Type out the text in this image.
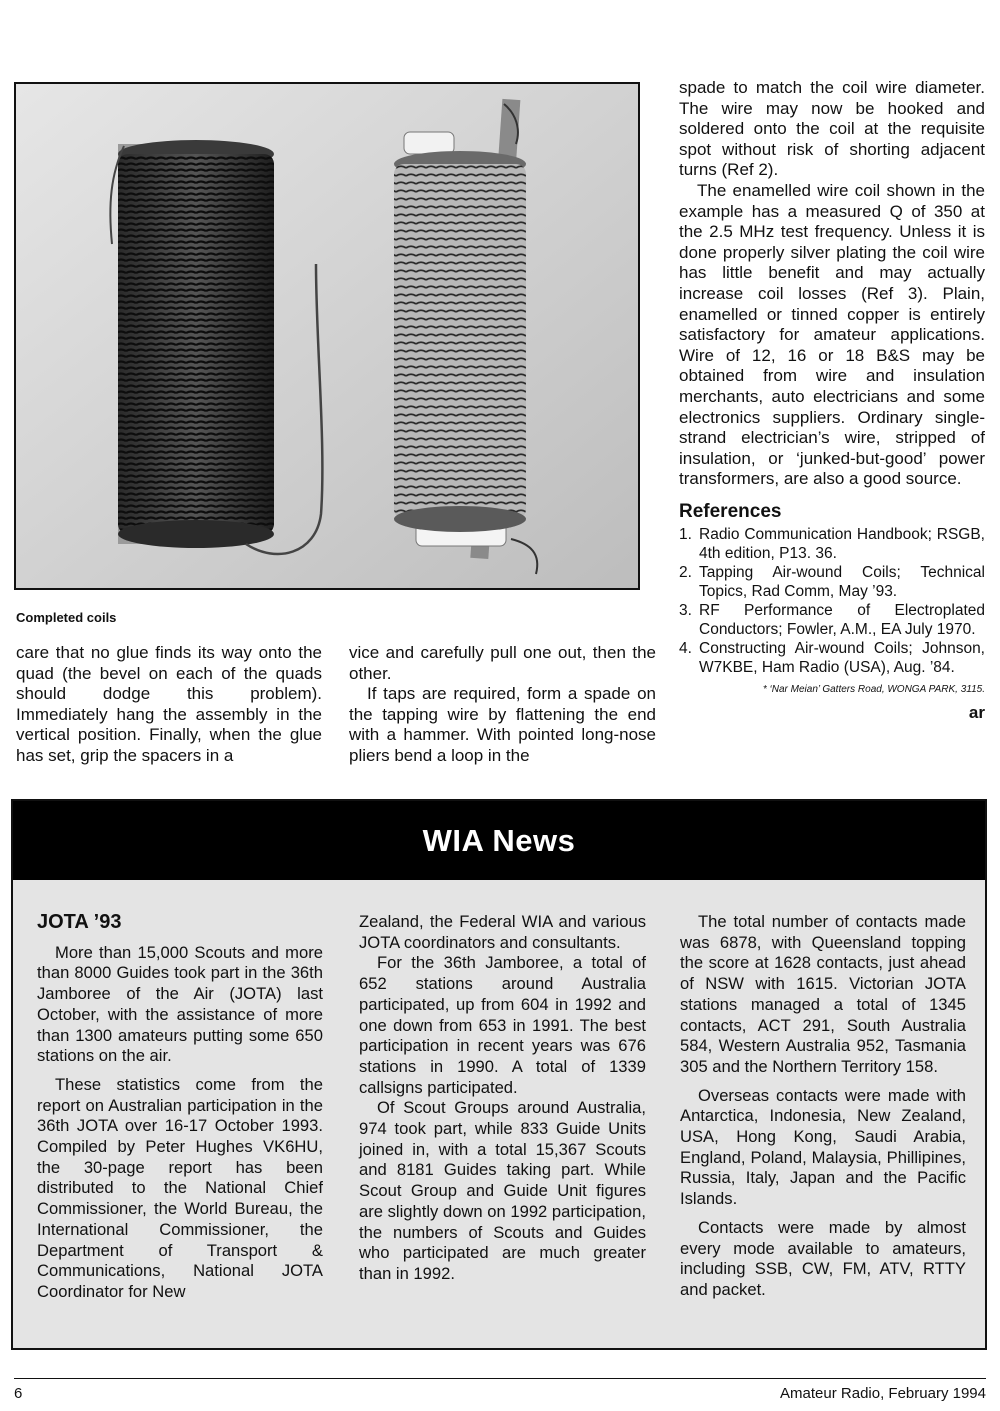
Completed coils

care that no glue finds its way onto the quad (the bevel on each of the quads should dodge this problem). Immediately hang the assembly in the vertical position. Finally, when the glue has set, grip the spacers in a

vice and carefully pull one out, then the other.

If taps are required, form a spade on the tapping wire by flattening the end with a hammer. With pointed long-nose pliers bend a loop in the

spade to match the coil wire diameter. The wire may now be hooked and soldered onto the coil at the requisite spot without risk of shorting adjacent turns (Ref 2).

The enamelled wire coil shown in the example has a measured Q of 350 at the 2.5 MHz test frequency. Unless it is done properly silver plating the coil wire has little benefit and may actually increase coil losses (Ref 3). Plain, enamelled or tinned copper is entirely satisfactory for amateur applications. Wire of 12, 16 or 18 B&S may be obtained from wire and insulation merchants, auto electricians and some electronics suppliers. Ordinary single-strand electrician’s wire, stripped of insulation, or ‘junked-but-good’ power transformers, are also a good source.

References
1. Radio Communication Handbook; RSGB, 4th edition, P13. 36.
2. Tapping Air-wound Coils; Technical Topics, Rad Comm, May ’93.
3. RF Performance of Electroplated Conductors; Fowler, A.M., EA July 1970.
4. Constructing Air-wound Coils; Johnson, W7KBE, Ham Radio (USA), Aug. ’84.
* ‘Nar Meian’ Gatters Road, WONGA PARK, 3115.
ar
WIA News

JOTA ’93

More than 15,000 Scouts and more than 8000 Guides took part in the 36th Jamboree of the Air (JOTA) last October, with the assistance of more than 1300 amateurs putting some 650 stations on the air.

These statistics come from the report on Australian participation in the 36th JOTA over 16-17 October 1993. Compiled by Peter Hughes VK6HU, the 30-page report has been distributed to the National Chief Commissioner, the World Bureau, the International Commissioner, the Department of Transport & Communications, National JOTA Coordinator for New

Zealand, the Federal WIA and various JOTA coordinators and consultants.

For the 36th Jamboree, a total of 652 stations around Australia participated, up from 604 in 1992 and one down from 653 in 1991. The best participation in recent years was 676 stations in 1990. A total of 1339 callsigns participated.

Of Scout Groups around Australia, 974 took part, while 833 Guide Units joined in, with a total 15,367 Scouts and 8181 Guides taking part. While Scout Group and Guide Unit figures are slightly down on 1992 participation, the numbers of Scouts and Guides who participated are much greater than in 1992.

The total number of contacts made was 6878, with Queensland topping the score at 1628 contacts, just ahead of NSW with 1615. Victorian JOTA stations managed a total of 1345 contacts, ACT 291, South Australia 584, Western Australia 952, Tasmania 305 and the Northern Territory 158.

Overseas contacts were made with Antarctica, Indonesia, New Zealand, USA, Hong Kong, Saudi Arabia, England, Poland, Malaysia, Phillipines, Russia, Italy, Japan and the Pacific Islands.

Contacts were made by almost every mode available to amateurs, including SSB, CW, FM, ATV, RTTY and packet.

6	Amateur Radio, February 1994
